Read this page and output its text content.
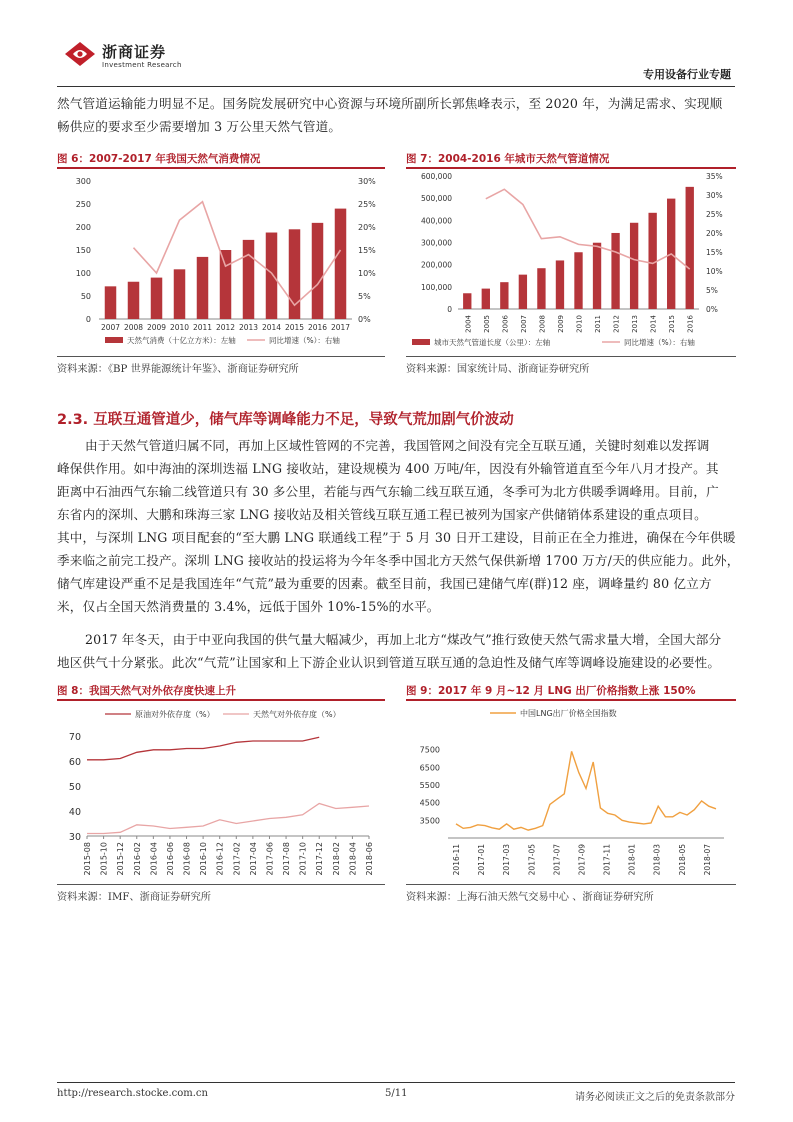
浙商证券
Investment Research
专用设备行业专题
然气管道运输能力明显不足。国务院发展研究中心资源与环境所副所长郭焦峰表示，至 2020 年，为满足需求、实现顺
畅供应的要求至少需要增加 3 万公里天然气管道。
图 6：2007-2017 年我国天然气消费情况
0
50
100
150
200
250
300
0%
5%
10%
15%
20%
25%
30%
2007 2008 2009 2010 2011 2012 2013 2014 2015 2016 2017
天然气消费（十亿立方米）：左轴	同比增速（%）：右轴
资料来源：《BP 世界能源统计年鉴》、浙商证券研究所
图 7：2004-2016 年城市天然气管道情况
0
100,000
200,000
300,000
400,000
500,000
600,000
0%
5%
10%
15%
20%
25%
30%
35%
2004 2005 2006 2007 2008 2009 2010 2011 2012 2013 2014 2015 2016
城市天然气管道长度（公里）：左轴	同比增速（%）：右轴
资料来源：国家统计局、浙商证券研究所
2.3. 互联互通管道少，储气库等调峰能力不足，导致气荒加剧气价波动
由于天然气管道归属不同，再加上区域性管网的不完善，我国管网之间没有完全互联互通，关键时刻难以发挥调
峰保供作用。如中海油的深圳迭福 LNG 接收站，建设规模为 400 万吨/年，因没有外输管道直至今年八月才投产。其
距离中石油西气东输二线管道只有 30 多公里，若能与西气东输二线互联互通，冬季可为北方供暖季调峰用。目前，广
东省内的深圳、大鹏和珠海三家 LNG 接收站及相关管线互联互通工程已被列为国家产供储销体系建设的重点项目。
其中，与深圳 LNG 项目配套的“至大鹏 LNG 联通线工程”于 5 月 30 日开工建设，目前正在全力推进，确保在今年供暖
季来临之前完工投产。深圳 LNG 接收站的投运将为今年冬季中国北方天然气保供新增 1700 万方/天的供应能力。此外，
储气库建设严重不足是我国连年“气荒”最为重要的因素。截至目前，我国已建储气库(群)12 座，调峰量约 80 亿立方
米，仅占全国天然消费量的 3.4%，远低于国外 10%-15%的水平。
2017 年冬天，由于中亚向我国的供气量大幅减少，再加上北方“煤改气”推行致使天然气需求量大增，全国大部分
地区供气十分紧张。此次“气荒”让国家和上下游企业认识到管道互联互通的急迫性及储气库等调峰设施建设的必要性。
图 8：我国天然气对外依存度快速上升
30
40
50
60
70
2015-08 2015-10 2015-12 2016-02 2016-04 2016-06 2016-08 2016-10 2016-12 2017-02 2017-04 2017-06 2017-08 2017-10 2017-12 2018-02 2018-04 2018-06
原油对外依存度（%）	天然气对外依存度（%）
资料来源：IMF、浙商证券研究所
图 9：2017 年 9 月~12 月 LNG 出厂价格指数上涨 150%
3500
4500
5500
6500
7500
2016-11 2017-01 2017-03 2017-05 2017-07 2017-09 2017-11 2018-01 2018-03 2018-05 2018-07
中国LNG出厂价格全国指数
资料来源：上海石油天然气交易中心 、浙商证券研究所
http://research.stocke.com.cn	5/11	请务必阅读正文之后的免责条款部分
